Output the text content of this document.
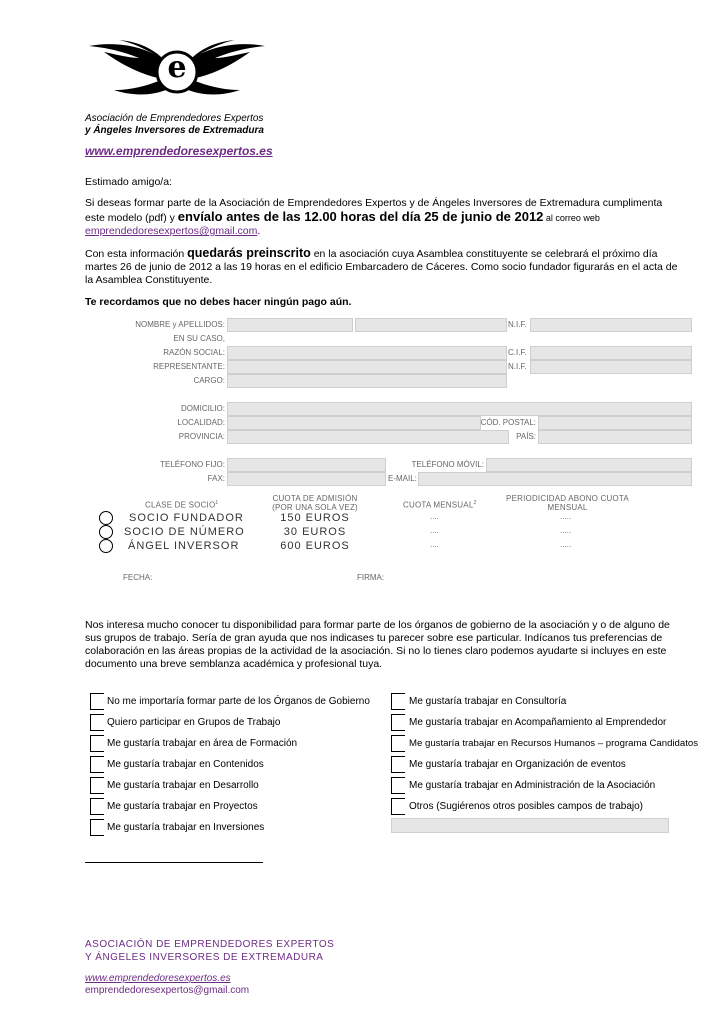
e
Asociación de Emprendedores Expertos
y Ángeles Inversores de Extremadura
www.emprendedoresexpertos.es
Estimado amigo/a:
Si deseas formar parte de la Asociación de Emprendedores Expertos y de Ángeles Inversores de Extremadura cumplimenta
este modelo (pdf) y envíalo antes de las 12.00 horas del día 25 de junio de 2012 al correo web
emprendedoresexpertos@gmail.com.
Con esta información quedarás preinscrito en la asociación cuya Asamblea constituyente se celebrará el próximo día
martes 26 de junio de 2012 a las 19 horas en el edificio Embarcadero de Cáceres. Como socio fundador figurarás en el acta de
la Asamblea Constituyente.
Te recordamos que no debes hacer ningún pago aún.
NOMBRE y APELLIDOS:	N.I.F.
EN SU CASO,
RAZÓN SOCIAL:	C.I.F.
REPRESENTANTE:	N.I.F.
CARGO:
DOMICILIO:
LOCALIDAD:	CÓD. POSTAL:
PROVINCIA:	PAÍS:
TELÉFONO FIJO:	TELÉFONO MÓVIL:
FAX:	E-MAIL:
CLASE DE SOCIO$^1$	CUOTA DE ADMISIÓN
(POR UNA SOLA VEZ)	CUOTA MENSUAL$^2$	PERIODICIDAD ABONO CUOTA
MENSUAL
SOCIO FUNDADOR	150 EUROS	....	.....
SOCIO DE NÚMERO	30 EUROS	....	.....
ÁNGEL INVERSOR	600 EUROS	....	.....
FECHA:	FIRMA:
Nos interesa mucho conocer tu disponibilidad para formar parte de los órganos de gobierno de la asociación y o de alguno de
sus grupos de trabajo. Sería de gran ayuda que nos indicases tu parecer sobre ese particular. Indícanos tus preferencias de
colaboración en las áreas propias de la actividad de la asociación. Si no lo tienes claro podemos ayudarte si incluyes en este
documento una breve semblanza académica y profesional tuya.
No me importaría formar parte de los Órganos de Gobierno
Quiero participar en Grupos de Trabajo
Me gustaría trabajar en área de Formación
Me gustaría trabajar en Contenidos
Me gustaría trabajar en Desarrollo
Me gustaría trabajar en Proyectos
Me gustaría trabajar en Inversiones
Me gustaría trabajar en Consultoría
Me gustaría trabajar en Acompañamiento al Emprendedor
Me gustaría trabajar en Recursos Humanos – programa Candidatos
Me gustaría trabajar en Organización de eventos
Me gustaría trabajar en Administración de la Asociación
Otros (Sugiérenos otros posibles campos de trabajo)
ASOCIACIÓN DE EMPRENDEDORES EXPERTOS
Y ÁNGELES INVERSORES DE EXTREMADURA
www.emprendedoresexpertos.es
emprendedoresexpertos@gmail.com
